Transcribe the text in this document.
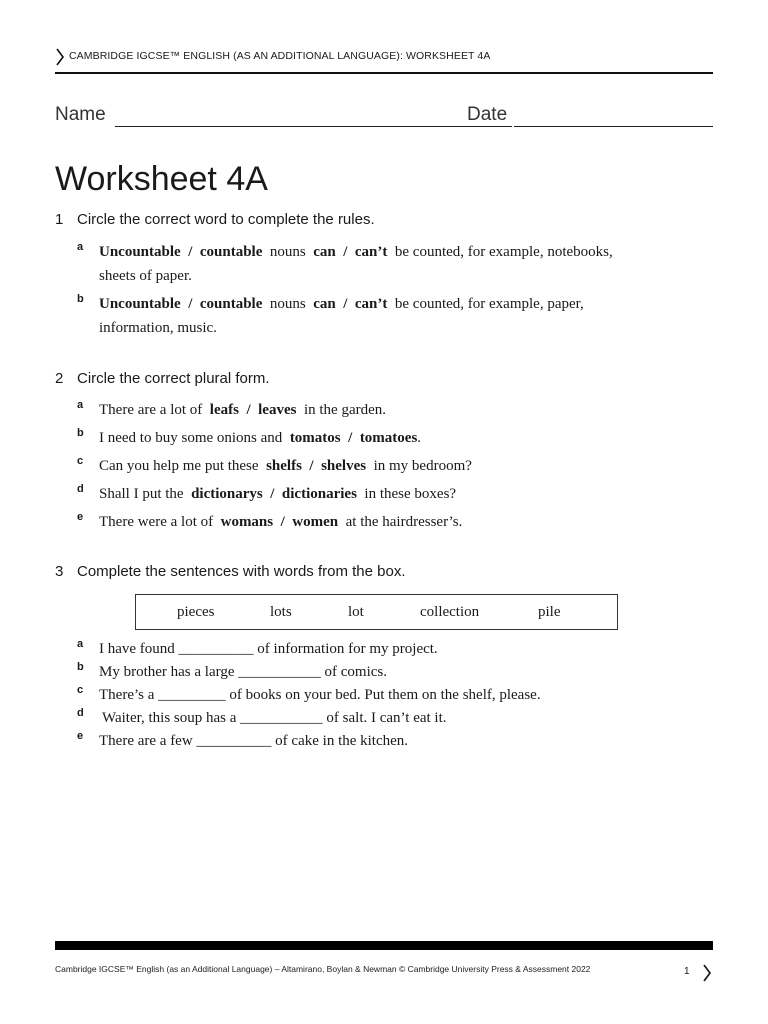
CAMBRIDGE IGCSE™ ENGLISH (AS AN ADDITIONAL LANGUAGE): WORKSHEET 4A
Name	Date
Worksheet 4A
1 Circle the correct word to complete the rules.
a Uncountable / countable nouns can / can’t be counted, for example, notebooks,
sheets of paper.
b Uncountable / countable nouns can / can’t be counted, for example, paper,
information, music.
2 Circle the correct plural form.
a There are a lot of leafs / leaves in the garden.
b I need to buy some onions and tomatos / tomatoes.
c Can you help me put these shelfs / shelves in my bedroom?
d Shall I put the dictionarys / dictionaries in these boxes?
e There were a lot of womans / women at the hairdresser’s.
3 Complete the sentences with words from the box.
pieces	lots	lot	collection	pile
a I have found __________ of information for my project.
b My brother has a large ___________ of comics.
c There’s a _________ of books on your bed. Put them on the shelf, please.
d Waiter, this soup has a ___________ of salt. I can’t eat it.
e There are a few __________ of cake in the kitchen.
Cambridge IGCSE™ English (as an Additional Language) – Altamirano, Boylan & Newman © Cambridge University Press & Assessment 2022	1
